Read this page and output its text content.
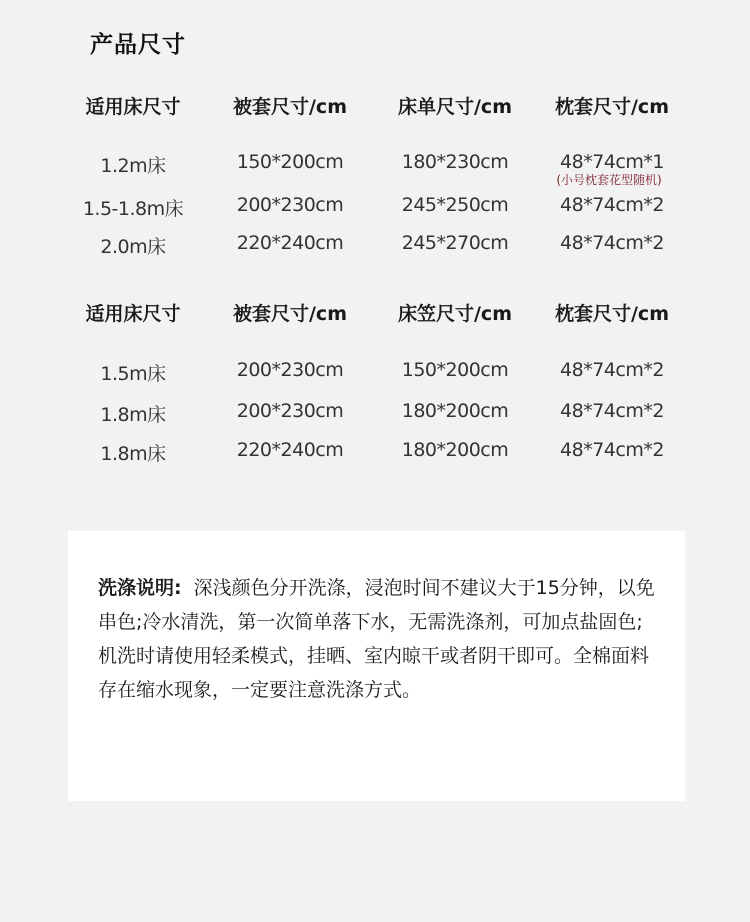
产品尺寸
适用床尺寸	被套尺寸/cm	床单尺寸/cm 枕套尺寸/cm
1.2m床	150*200cm	180*230cm	48*74cm*1
(小号枕套花型随机)
1.5-1.8m床	200*230cm	245*250cm	48*74cm*2
2.0m床	220*240cm	245*270cm	48*74cm*2
适用床尺寸	被套尺寸/cm	床笠尺寸/cm 枕套尺寸/cm
1.5m床	200*230cm	150*200cm	48*74cm*2
1.8m床	200*230cm	180*200cm	48*74cm*2
1.8m床	220*240cm	180*200cm	48*74cm*2
洗涤说明: 深浅颜色分开洗涤，浸泡时间不建议大于15分钟，以免串色;冷水清洗，第一次简单落下水，无需洗涤剂，可加点盐固色;机洗时请使用轻柔模式，挂晒、室内晾干或者阴干即可。全棉面料存在缩水现象，一定要注意洗涤方式。
